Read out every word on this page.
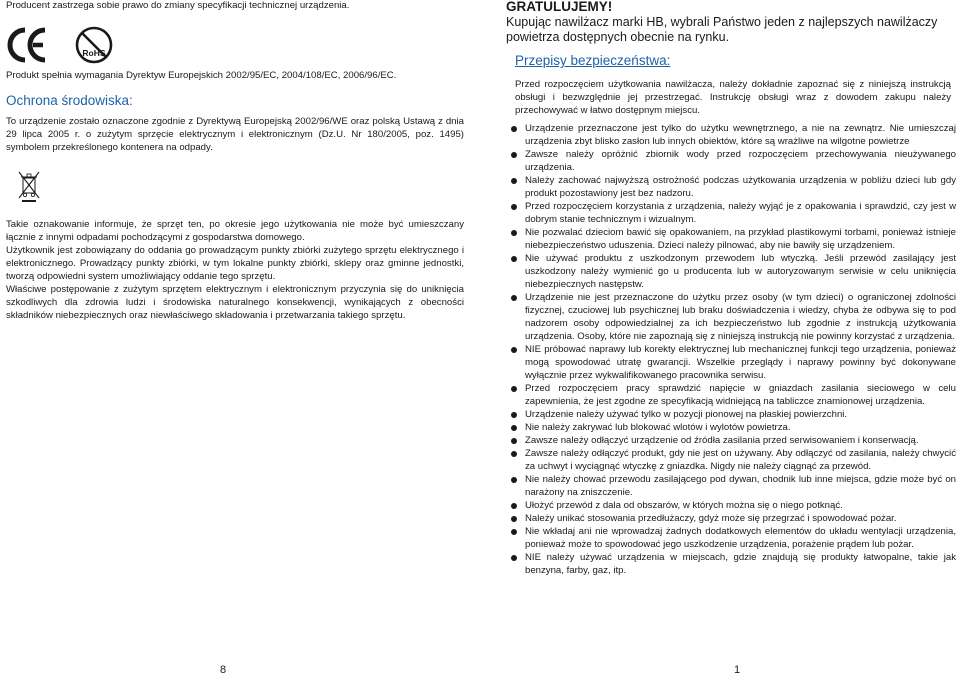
Producent zastrzega sobie prawo do zmiany specyfikacji technicznej urządzenia.
RoHS

Produkt spełnia wymagania Dyrektyw Europejskich 2002/95/EC, 2004/108/EC, 2006/96/EC.

Ochrona środowiska:

To urządzenie zostało oznaczone zgodnie z Dyrektywą Europejską 2002/96/WE oraz polską Ustawą z dnia 29 lipca 2005 r. o zużytym sprzęcie elektrycznym i elektronicznym (Dz.U. Nr 180/2005, poz. 1495) symbolem przekreślonego kontenera na odpady.

Takie oznakowanie informuje, że sprzęt ten, po okresie jego użytkowania nie może być umieszczany łącznie z innymi odpadami pochodzącymi z gospodarstwa domowego.

Użytkownik jest zobowiązany do oddania go prowadzącym punkty zbiórki zużytego sprzętu elektrycznego i elektronicznego. Prowadzący punkty zbiórki, w tym lokalne punkty zbiórki, sklepy oraz gminne jednostki, tworzą odpowiedni system umożliwiający oddanie tego sprzętu.

Właściwe postępowanie z zużytym sprzętem elektrycznym i elektronicznym przyczynia się do uniknięcia szkodliwych dla zdrowia ludzi i środowiska naturalnego konsekwencji, wynikających z obecności składników niebezpiecznych oraz niewłaściwego składowania i przetwarzania takiego sprzętu.

8
GRATULUJEMY!

Kupując nawilżacz marki HB, wybrali Państwo jeden z najlepszych nawilżaczy powietrza dostępnych obecnie na rynku.

Przepisy bezpieczeństwa:

Przed rozpoczęciem użytkowania nawilżacza, należy dokładnie zapoznać się z niniejszą instrukcją obsługi i bezwzględnie jej przestrzegać. Instrukcję obsługi wraz z dowodem zakupu należy przechowywać w łatwo dostępnym miejscu.

Urządzenie przeznaczone jest tylko do użytku wewnętrznego, a nie na zewnątrz. Nie umieszczaj urządzenia zbyt blisko zasłon lub innych obiektów, które są wrażliwe na wilgotne powietrze
Zawsze należy opróżnić zbiornik wody przed rozpoczęciem przechowywania nieużywanego urządzenia.
Należy zachować najwyższą ostrożność podczas użytkowania urządzenia w pobliżu dzieci lub gdy produkt pozostawiony jest bez nadzoru.
Przed rozpoczęciem korzystania z urządzenia, należy wyjąć je z opakowania i sprawdzić, czy jest w dobrym stanie technicznym i wizualnym.
Nie pozwalać dzieciom bawić się opakowaniem, na przykład plastikowymi torbami, ponieważ istnieje niebezpieczeństwo uduszenia. Dzieci należy pilnować, aby nie bawiły się urządzeniem.
Nie używać produktu z uszkodzonym przewodem lub wtyczką. Jeśli przewód zasilający jest uszkodzony należy wymienić go u producenta lub w autoryzowanym serwisie w celu uniknięcia niebezpiecznych następstw.
Urządzenie nie jest przeznaczone do użytku przez osoby (w tym dzieci) o ograniczonej zdolności fizycznej, czuciowej lub psychicznej lub braku doświadczenia i wiedzy, chyba że odbywa się to pod nadzorem osoby odpowiedzialnej za ich bezpieczeństwo lub zgodnie z instrukcją użytkowania urządzenia. Osoby, które nie zapoznają się z niniejszą instrukcją nie powinny korzystać z urządzenia.
NIE próbować naprawy lub korekty elektrycznej lub mechanicznej funkcji tego urządzenia, ponieważ mogą spowodować utratę gwarancji. Wszelkie przeglądy i naprawy powinny być dokonywane wyłącznie przez wykwalifikowanego pracownika serwisu.
Przed rozpoczęciem pracy sprawdzić napięcie w gniazdach zasilania sieciowego w celu zapewnienia, że jest zgodne ze specyfikacją widniejącą na tabliczce znamionowej urządzenia.
Urządzenie należy używać tylko w pozycji pionowej na płaskiej powierzchni.
Nie należy zakrywać lub blokować wlotów i wylotów powietrza.
Zawsze należy odłączyć urządzenie od źródła zasilania przed serwisowaniem i konserwacją.
Zawsze należy odłączyć produkt, gdy nie jest on używany. Aby odłączyć od zasilania, należy chwycić za uchwyt i wyciągnąć wtyczkę z gniazdka. Nigdy nie należy ciągnąć za przewód.
Nie należy chować przewodu zasilającego pod dywan, chodnik lub inne miejsca, gdzie może być on narażony na zniszczenie.
Ułożyć przewód z dala od obszarów, w których można się o niego potknąć.
Należy unikać stosowania przedłużaczy, gdyż może się przegrzać i spowodować pożar.
Nie wkładaj ani nie wprowadzaj żadnych dodatkowych elementów do układu wentylacji urządzenia, ponieważ może to spowodować jego uszkodzenie urządzenia, porażenie prądem lub pożar.
NIE należy używać urządzenia w miejscach, gdzie znajdują się produkty łatwopalne, takie jak benzyna, farby, gaz, itp.
1
